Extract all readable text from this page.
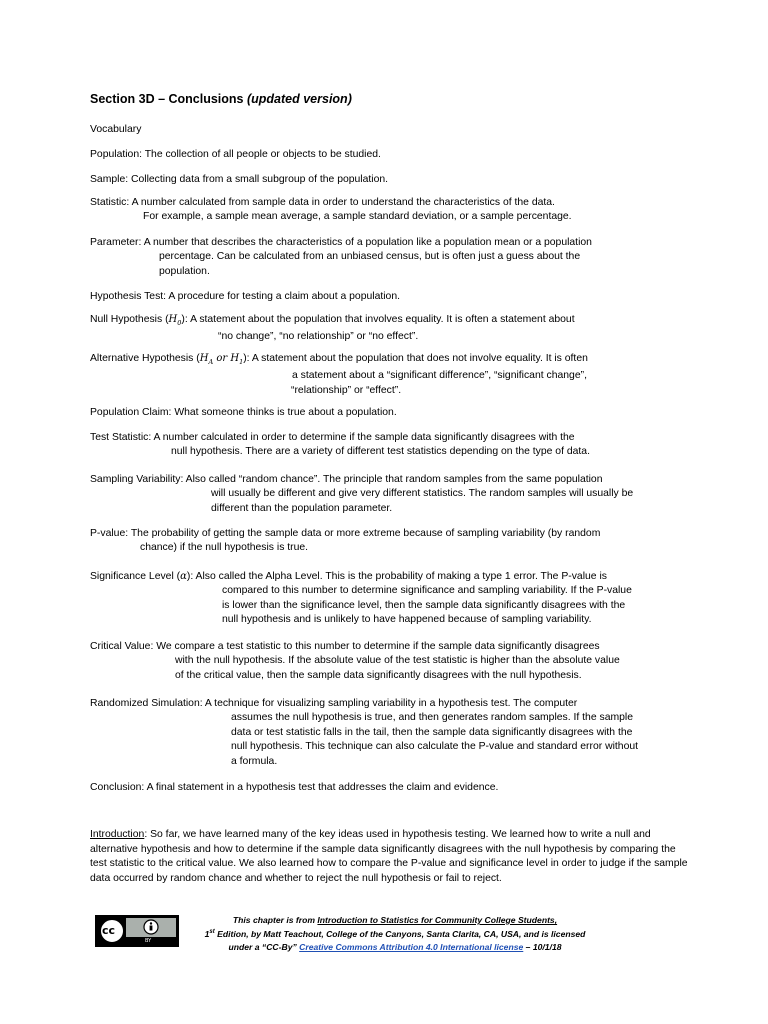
Section 3D – Conclusions (updated version)
Vocabulary
Population: The collection of all people or objects to be studied.
Sample: Collecting data from a small subgroup of the population.
Statistic: A number calculated from sample data in order to understand the characteristics of the data.
For example, a sample mean average, a sample standard deviation, or a sample percentage.
Parameter: A number that describes the characteristics of a population like a population mean or a population
percentage. Can be calculated from an unbiased census, but is often just a guess about the
population.
Hypothesis Test: A procedure for testing a claim about a population.
Null Hypothesis $(H_0)$: A statement about the population that involves equality. It is often a statement about
“no change”, “no relationship” or “no effect”.
Alternative Hypothesis ($H_A$ or $H_1$): A statement about the population that does not involve equality. It is often
a statement about a “significant difference”, “significant change”,
“relationship” or “effect”.
Population Claim: What someone thinks is true about a population.
Test Statistic: A number calculated in order to determine if the sample data significantly disagrees with the
null hypothesis. There are a variety of different test statistics depending on the type of data.
Sampling Variability: Also called “random chance”. The principle that random samples from the same population
will usually be different and give very different statistics. The random samples will usually be
different than the population parameter.
P-value: The probability of getting the sample data or more extreme because of sampling variability (by random
chance) if the null hypothesis is true.
Significance Level (α): Also called the Alpha Level. This is the probability of making a type 1 error. The P-value is
compared to this number to determine significance and sampling variability. If the P-value
is lower than the significance level, then the sample data significantly disagrees with the
null hypothesis and is unlikely to have happened because of sampling variability.
Critical Value: We compare a test statistic to this number to determine if the sample data significantly disagrees
with the null hypothesis. If the absolute value of the test statistic is higher than the absolute value
of the critical value, then the sample data significantly disagrees with the null hypothesis.
Randomized Simulation: A technique for visualizing sampling variability in a hypothesis test. The computer
assumes the null hypothesis is true, and then generates random samples. If the sample
data or test statistic falls in the tail, then the sample data significantly disagrees with the
null hypothesis. This technique can also calculate the P-value and standard error without
a formula.
Conclusion: A final statement in a hypothesis test that addresses the claim and evidence.
Introduction: So far, we have learned many of the key ideas used in hypothesis testing. We learned how to write a null and alternative hypothesis and how to determine if the sample data significantly disagrees with the null hypothesis by comparing the test statistic to the critical value. We also learned how to compare the P-value and significance level in order to judge if the sample data occurred by random chance and whether to reject the null hypothesis or fail to reject.
cc
BY
This chapter is from Introduction to Statistics for Community College Students,
1st Edition, by Matt Teachout, College of the Canyons, Santa Clarita, CA, USA, and is licensed
under a “CC-By” Creative Commons Attribution 4.0 International license – 10/1/18
